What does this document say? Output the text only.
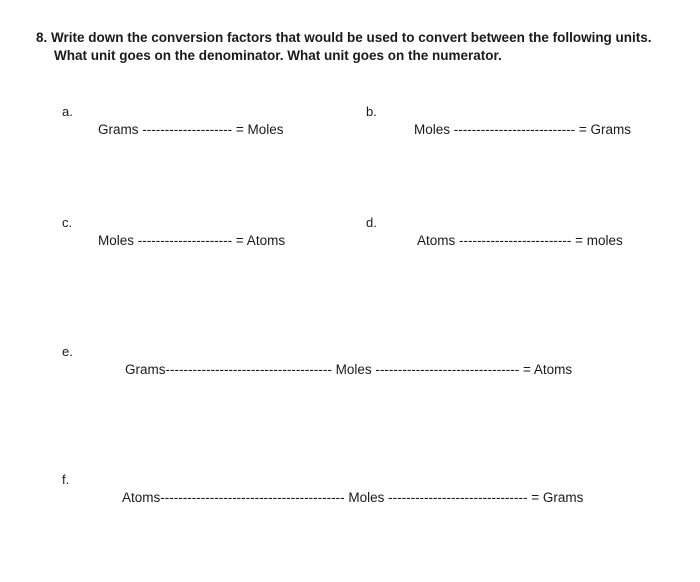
8. Write down the conversion factors that would be used to convert between the following units.
What unit goes on the denominator. What unit goes on the numerator.
a.
Grams -------------------- = Moles
b.
Moles --------------------------- = Grams
c.
Moles --------------------- = Atoms
d.
Atoms ------------------------- = moles
e.
Grams------------------------------------- Moles -------------------------------- = Atoms
f.
Atoms----------------------------------------- Moles ------------------------------- = Grams
